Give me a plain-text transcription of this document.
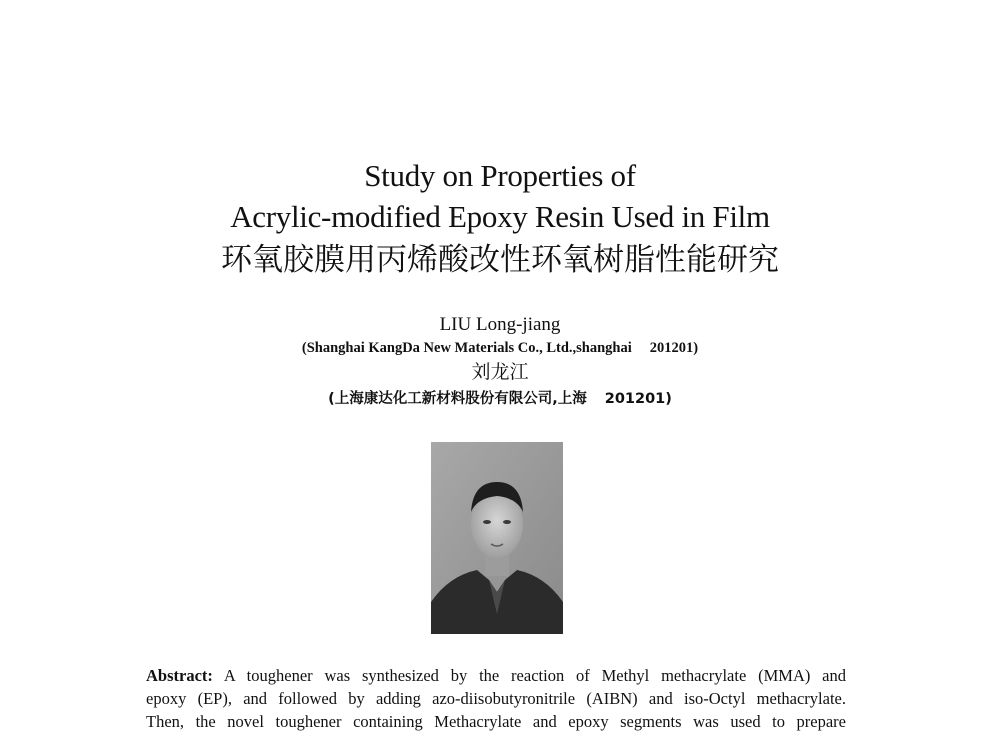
Study on Properties of
Acrylic-modified Epoxy Resin Used in Film
环氧胶膜用丙烯酸改性环氧树脂性能研究
LIU Long-jiang
(Shanghai KangDa New Materials Co., Ltd.,shanghai 201201)
刘龙江
(上海康达化工新材料股份有限公司,上海 201201)
Abstract: A toughener was synthesized by the reaction of Methyl methacrylate (MMA) and
epoxy (EP), and followed by adding azo-diisobutyronitrile (AIBN) and iso-Octyl methacrylate.
Then, the novel toughener containing Methacrylate and epoxy segments was used to prepare
